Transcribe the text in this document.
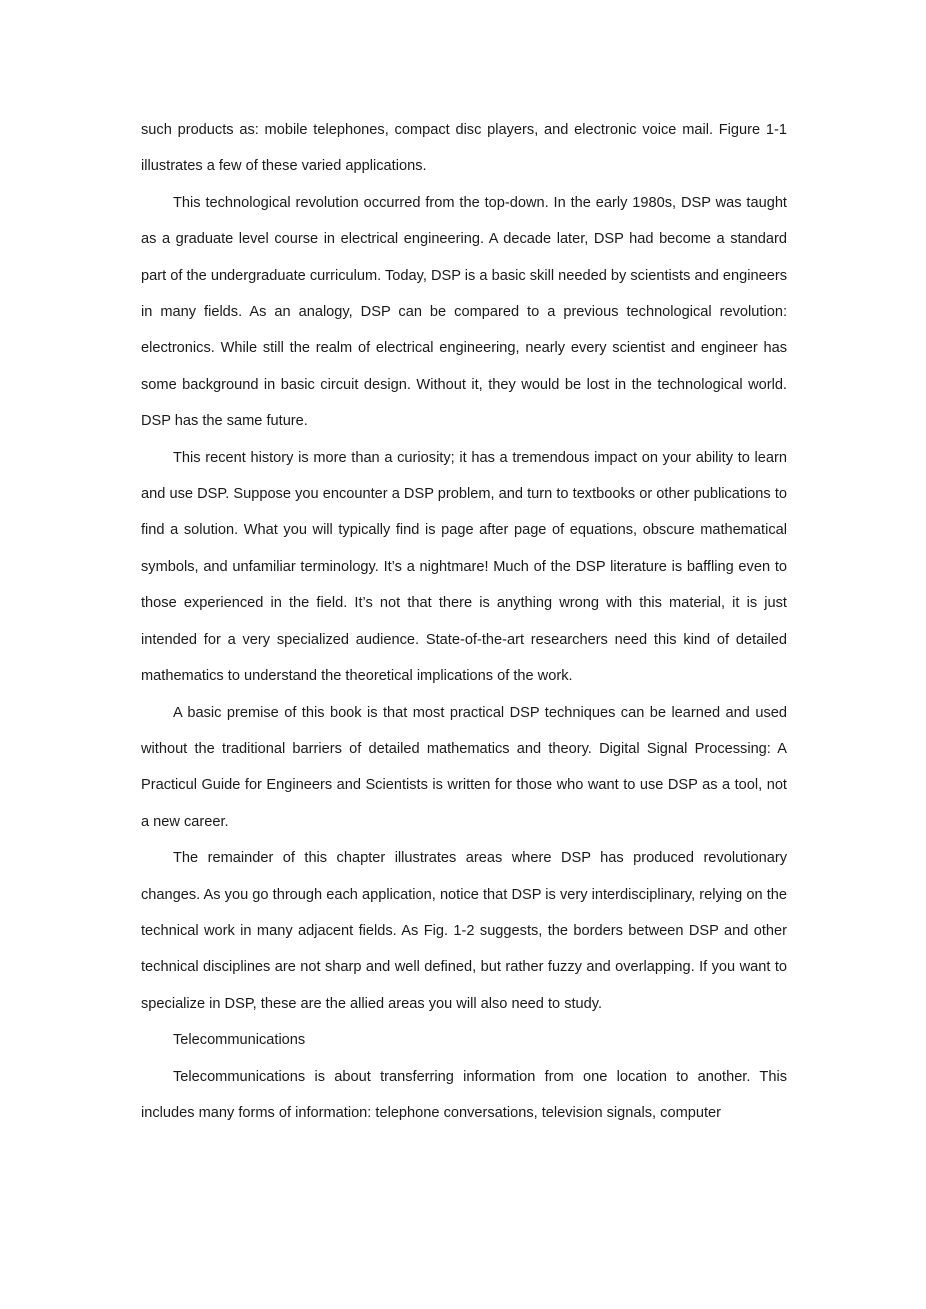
such products as: mobile telephones, compact disc players, and electronic voice mail. Figure 1-1 illustrates a few of these varied applications.

This technological revolution occurred from the top-down. In the early 1980s, DSP was taught as a graduate level course in electrical engineering. A decade later, DSP had become a standard part of the undergraduate curriculum. Today, DSP is a basic skill needed by scientists and engineers in many fields. As an analogy, DSP can be compared to a previous technological revolution: electronics. While still the realm of electrical engineering, nearly every scientist and engineer has some background in basic circuit design. Without it, they would be lost in the technological world. DSP has the same future.

This recent history is more than a curiosity; it has a tremendous impact on your ability to learn and use DSP. Suppose you encounter a DSP problem, and turn to textbooks or other publications to find a solution. What you will typically find is page after page of equations, obscure mathematical symbols, and unfamiliar terminology. It’s a nightmare! Much of the DSP literature is baffling even to those experienced in the field. It’s not that there is anything wrong with this material, it is just intended for a very specialized audience. State-of-the-art researchers need this kind of detailed mathematics to understand the theoretical implications of the work.

A basic premise of this book is that most practical DSP techniques can be learned and used without the traditional barriers of detailed mathematics and theory. Digital Signal Processing: A Practicul Guide for Engineers and Scientists is written for those who want to use DSP as a tool, not a new career.

The remainder of this chapter illustrates areas where DSP has produced revolutionary changes. As you go through each application, notice that DSP is very interdisciplinary, relying on the technical work in many adjacent fields. As Fig. 1-2 suggests, the borders between DSP and other technical disciplines are not sharp and well defined, but rather fuzzy and overlapping. If you want to specialize in DSP, these are the allied areas you will also need to study.

Telecommunications

Telecommunications is about transferring information from one location to another. This includes many forms of information: telephone conversations, television signals, computer
